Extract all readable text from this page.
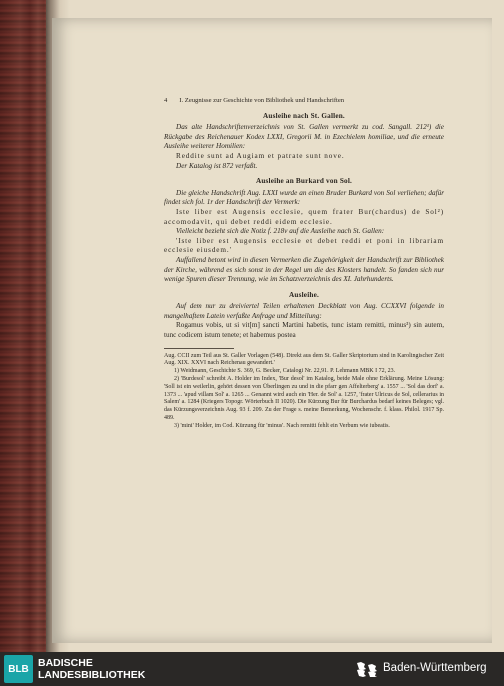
4 I. Zeugnisse zur Geschichte von Bibliothek und Handschriften
Ausleihe nach St. Gallen.

Das alte Handschriftenverzeichnis von St. Gallen vermerkt zu cod. Sangall. 212¹) die Rückgabe des Reichenauer Kodex LXXI, Gregorii M. in Ezechielem homiliae, und die erneute Ausleihe weiterer Homilien:

Reddite sunt ad Augiam et patrate sunt nove.

Der Katalog ist 872 verfaßt.

Ausleihe an Burkard von Sol.

Die gleiche Handschrift Aug. LXXI wurde an einen Bruder Burkard von Sol verliehen; dafür findet sich fol. 1r der Handschrift der Vermerk:

Iste liber est Augensis ecclesie, quem frater Bur(chardus) de Sol²) accomodavit, qui debet reddi eidem ecclesie.

Vielleicht bezieht sich die Notiz f. 218v auf die Ausleihe nach St. Gallen:

'Iste liber est Augensis ecclesie et debet reddi et poni in librariam ecclesie eiusdem.'

Auffallend betont wird in diesen Vermerken die Zugehörigkeit der Handschrift zur Bibliothek der Kirche, während es sich sonst in der Regel um die des Klosters handelt. So fanden sich nur wenige Spuren dieser Trennung, wie im Schatzverzeichnis des XI. Jahrhunderts.

Ausleihe.

Auf dem nur zu dreiviertel Teilen erhaltenen Deckblatt von Aug. CCXXVI folgende in mangelhaftem Latein verfaßte Anfrage und Mitteilung:

Rogamus vobis, ut si vit[m] sancti Martini habetis, tunc istam remitti, minus³) sin autem, tunc codicem istum tenete; et habemus postea

Aug. CCII zum Teil aus St. Galler Vorlagen (548). Direkt aus dem St. Galler Skriptorium sind in Karolingischer Zeit Aug. XIX. XXVI nach Reichenau gewandert.'

1) Weidmann, Geschichte S. 369, G. Becker, Catalogi Nr. 22,91. P. Lehmann MBK I 72, 23.

2) 'Burdesol' schreibt A. Holder im Index, 'Bur desol' im Katalog, beide Male ohne Erklärung. Meine Lösung: 'Soll ist ein weilerlin, gehört dessen von Überlingen zu und in die pfarr gen Affelterberg' a. 1557 ... 'Sol das dorf' a. 1373 ... 'apud villam Sol' a. 1265 ... Genannt wird auch ein 'Her. de Sol' a. 1257, 'frater Ulricus de Sol, cellerarius in Salem' a. 1284 (Kriegers Topogr. Wörterbuch II 1020). Die Kürzung Bur für Burchardus bedarf keines Beleges; vgl. das Kürzungsverzeichnis Aug. 93 f. 209. Zu der Frage s. meine Bemerkung, Wochenschr. f. klass. Philol. 1917 Sp. 489.

3) 'mini' Holder, im Cod. Kürzung für 'minus'. Nach remitti fehlt ein Verbum wie iubeatis.

BLB BADISCHE
LANDESBIBLIOTHEK
Baden-Württemberg
